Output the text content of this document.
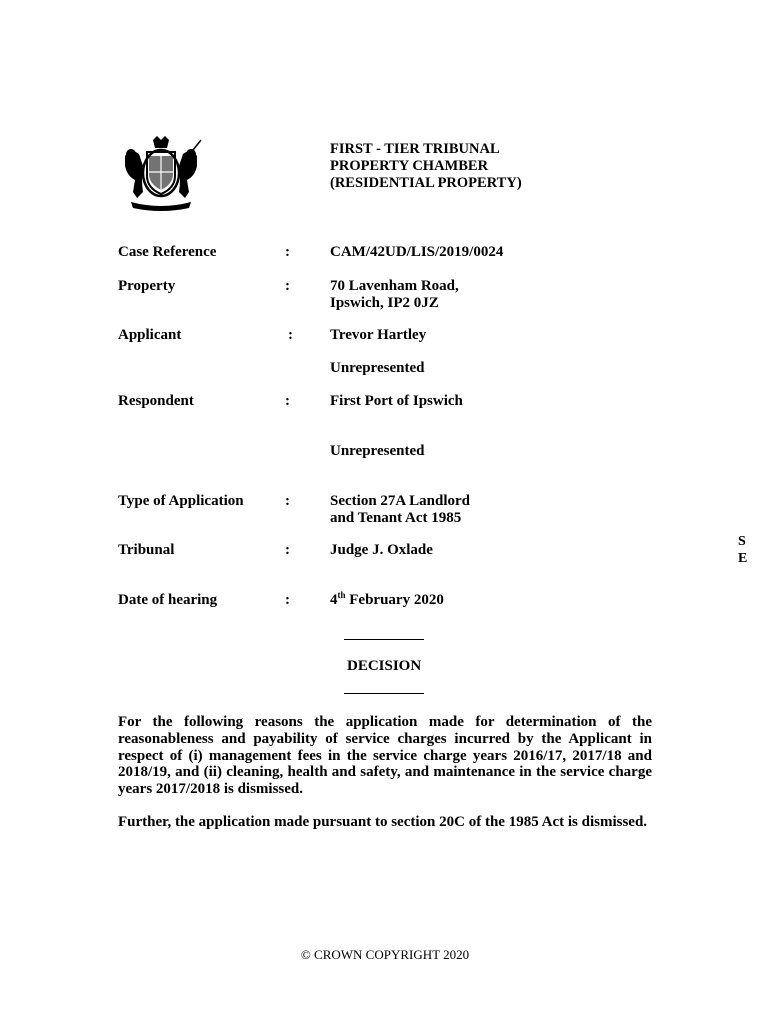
FIRST - TIER TRIBUNAL
PROPERTY CHAMBER
(RESIDENTIAL PROPERTY)
Case Reference	:	CAM/42UD/LIS/2019/0024
Property	:	70 Lavenham Road,
Ipswich, IP2 0JZ
Applicant	: Trevor Hartley
Unrepresented
Respondent	:	First Port of Ipswich
Unrepresented
Type of Application	:	Section 27A Landlord
and Tenant Act 1985
Tribunal	:	Judge J. Oxlade
Date of hearing	:	4th February 2020
DECISION
For the following reasons the application made for determination of the reasonableness and payability of service charges incurred by the Applicant in respect of (i) management fees in the service charge years 2016/17, 2017/18 and 2018/19, and (ii) cleaning, health and safety, and maintenance in the service charge years 2017/2018 is dismissed.
Further, the application made pursuant to section 20C of the 1985 Act is dismissed.
S
E
© CROWN COPYRIGHT 2020
